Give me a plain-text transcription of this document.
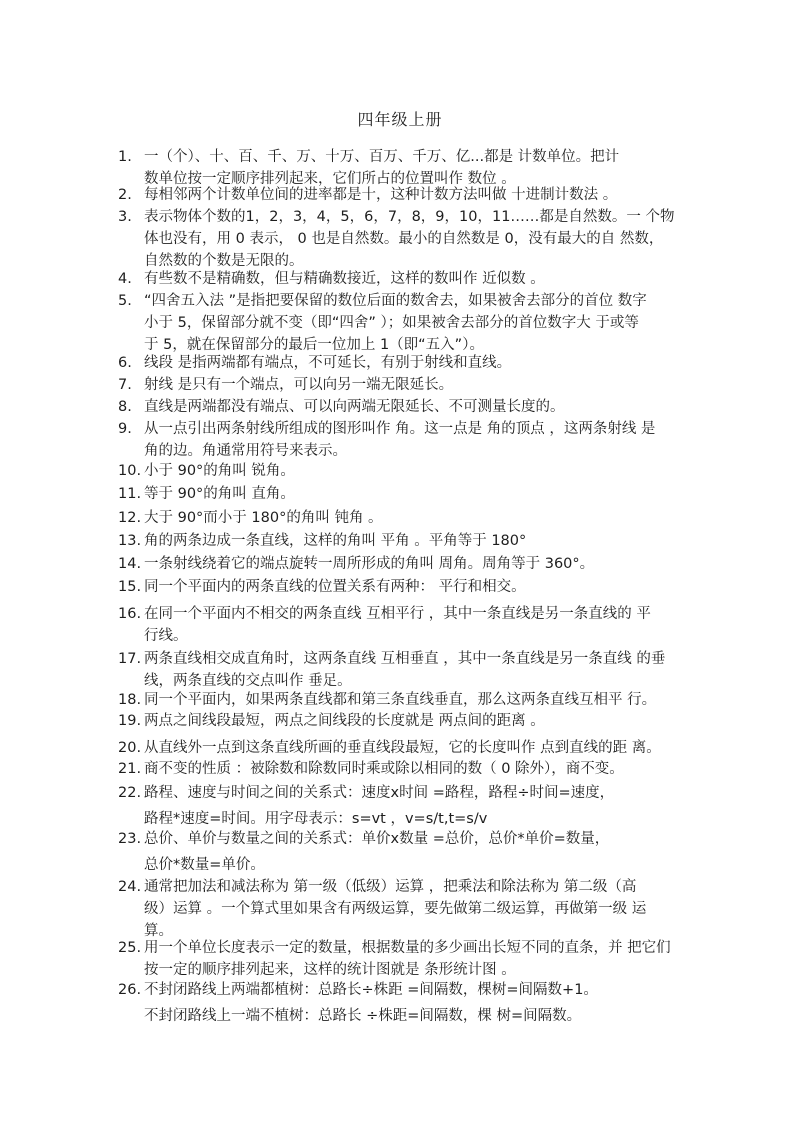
四年级上册
1. 一（个）、十、百、千、万、十万、百万、千万、亿...都是 计数单位。把计
数单位按一定顺序排列起来，它们所占的位置叫作 数位 。
2. 每相邻两个计数单位间的进率都是十，这种计数方法叫做 十进制计数法 。
3. 表示物体个数的1，2，3，4，5，6，7，8，9，10，11……都是自然数。一 个物
体也没有，用 0 表示， 0 也是自然数。最小的自然数是 0，没有最大的自 然数，
自然数的个数是无限的。
4. 有些数不是精确数，但与精确数接近，这样的数叫作 近似数 。
5. “四舍五入法 ”是指把要保留的数位后面的数舍去，如果被舍去部分的首位 数字
小于 5，保留部分就不变（即“四舍” ）；如果被舍去部分的首位数字大 于或等
于 5，就在保留部分的最后一位加上 1（即“五入”）。
6. 线段 是指两端都有端点，不可延长，有别于射线和直线。
7. 射线 是只有一个端点，可以向另一端无限延长。
8. 直线是两端都没有端点、可以向两端无限延长、不可测量长度的。
9. 从一点引出两条射线所组成的图形叫作 角。这一点是 角的顶点 ，这两条射线 是
角的边。角通常用符号来表示。
10. 小于 90°的角叫 锐角。
11. 等于 90°的角叫 直角。
12. 大于 90°而小于 180°的角叫 钝角 。
13. 角的两条边成一条直线，这样的角叫 平角 。平角等于 180°
14. 一条射线绕着它的端点旋转一周所形成的角叫 周角。周角等于 360°。
15. 同一个平面内的两条直线的位置关系有两种： 平行和相交。
16. 在同一个平面内不相交的两条直线 互相平行 ，其中一条直线是另一条直线的 平
行线。
17. 两条直线相交成直角时，这两条直线 互相垂直 ，其中一条直线是另一条直线 的垂
线，两条直线的交点叫作 垂足。
18. 同一个平面内，如果两条直线都和第三条直线垂直，那么这两条直线互相平 行。
19. 两点之间线段最短，两点之间线段的长度就是 两点间的距离 。
20. 从直线外一点到这条直线所画的垂直线段最短，它的长度叫作 点到直线的距 离。
21. 商不变的性质 ：被除数和除数同时乘或除以相同的数（ 0 除外），商不变。
22. 路程、速度与时间之间的关系式：速度x时间 =路程，路程÷时间=速度，
路程*速度=时间。用字母表示：s=vt ，v=s/t,t=s/v
23. 总价、单价与数量之间的关系式：单价x数量 =总价，总价*单价=数量，
总价*数量=单价。
24. 通常把加法和减法称为 第一级（低级）运算 ，把乘法和除法称为 第二级（高
级）运算 。一个算式里如果含有两级运算，要先做第二级运算，再做第一级 运
算。
25. 用一个单位长度表示一定的数量，根据数量的多少画出长短不同的直条，并 把它们
按一定的顺序排列起来，这样的统计图就是 条形统计图 。
26. 不封闭路线上两端都植树：总路长÷株距 =间隔数，棵树=间隔数+1。
不封闭路线上一端不植树：总路长 ÷株距=间隔数，棵 树=间隔数。
